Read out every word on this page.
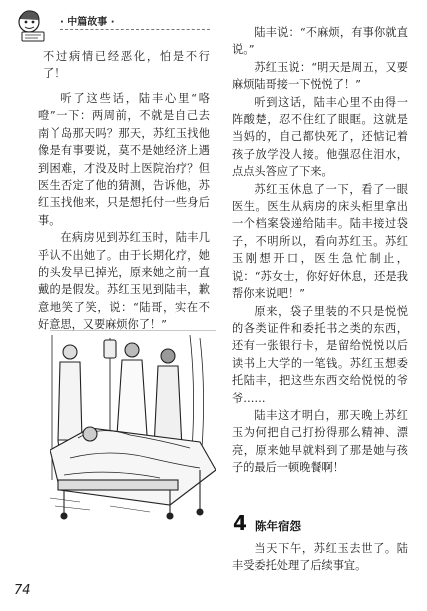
· 中篇故事 ·

不过病情已经恶化，怕是不行了！

听了这些话，陆丰心里“咯噔”一下：两周前，不就是自己去南丫岛那天吗？那天，苏红玉找他像是有事要说，莫不是她经济上遇到困难，才没及时上医院治疗？但医生否定了他的猜测，告诉他，苏红玉找他来，只是想托付一些身后事。

在病房见到苏红玉时，陆丰几乎认不出她了。由于长期化疗，她的头发早已掉光，原来她之前一直戴的是假发。苏红玉见到陆丰，歉意地笑了笑，说：“陆哥，实在不好意思，又要麻烦你了！”

陆丰说：“不麻烦，有事你就直说。”

苏红玉说：“明天是周五，又要麻烦陆哥接一下悦悦了！”

听到这话，陆丰心里不由得一阵酸楚，忍不住红了眼眶。这就是当妈的，自己都快死了，还惦记着孩子放学没人接。他强忍住泪水，点点头答应了下来。

苏红玉休息了一下，看了一眼医生。医生从病房的床头柜里拿出一个档案袋递给陆丰。陆丰接过袋子，不明所以，看向苏红玉。苏红玉刚想开口，医生急忙制止，说：“苏女士，你好好休息，还是我帮你来说吧！”

原来，袋子里装的不只是悦悦的各类证件和委托书之类的东西，还有一张银行卡，是留给悦悦以后读书上大学的一笔钱。苏红玉想委托陆丰，把这些东西交给悦悦的爷爷……

陆丰这才明白，那天晚上苏红玉为何把自己打扮得那么精神、漂亮，原来她早就料到了那是她与孩子的最后一顿晚餐啊！

4 陈年宿怨

当天下午，苏红玉去世了。陆丰受委托处理了后续事宜。

74
